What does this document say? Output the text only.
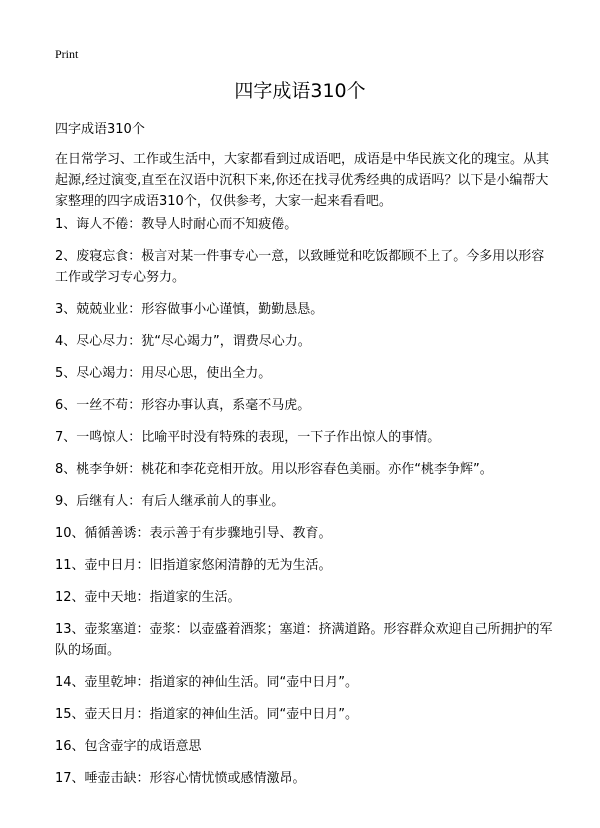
Print
四字成语310个
四字成语310个

在日常学习、工作或生活中，大家都看到过成语吧，成语是中华民族文化的瑰宝。从其起源,经过演变,直至在汉语中沉积下来,你还在找寻优秀经典的成语吗？以下是小编帮大家整理的四字成语310个，仅供参考，大家一起来看看吧。

1、诲人不倦：教导人时耐心而不知疲倦。
2、废寝忘食：极言对某一件事专心一意，以致睡觉和吃饭都顾不上了。今多用以形容工作或学习专心努力。
3、兢兢业业：形容做事小心谨慎，勤勤恳恳。
4、尽心尽力：犹“尽心竭力”，谓费尽心力。
5、尽心竭力：用尽心思，使出全力。
6、一丝不苟：形容办事认真，系毫不马虎。
7、一鸣惊人：比喻平时没有特殊的表现，一下子作出惊人的事情。
8、桃李争妍：桃花和李花竞相开放。用以形容春色美丽。亦作“桃李争辉”。
9、后继有人：有后人继承前人的事业。
10、循循善诱：表示善于有步骤地引导、教育。
11、壶中日月：旧指道家悠闲清静的无为生活。
12、壶中天地：指道家的生活。
13、壶浆塞道：壶浆：以壶盛着酒浆；塞道：挤满道路。形容群众欢迎自己所拥护的军队的场面。
14、壶里乾坤：指道家的神仙生活。同“壶中日月”。
15、壶天日月：指道家的神仙生活。同“壶中日月”。
16、包含壶字的成语意思
17、唾壶击缺：形容心情忧愤或感情激昂。
